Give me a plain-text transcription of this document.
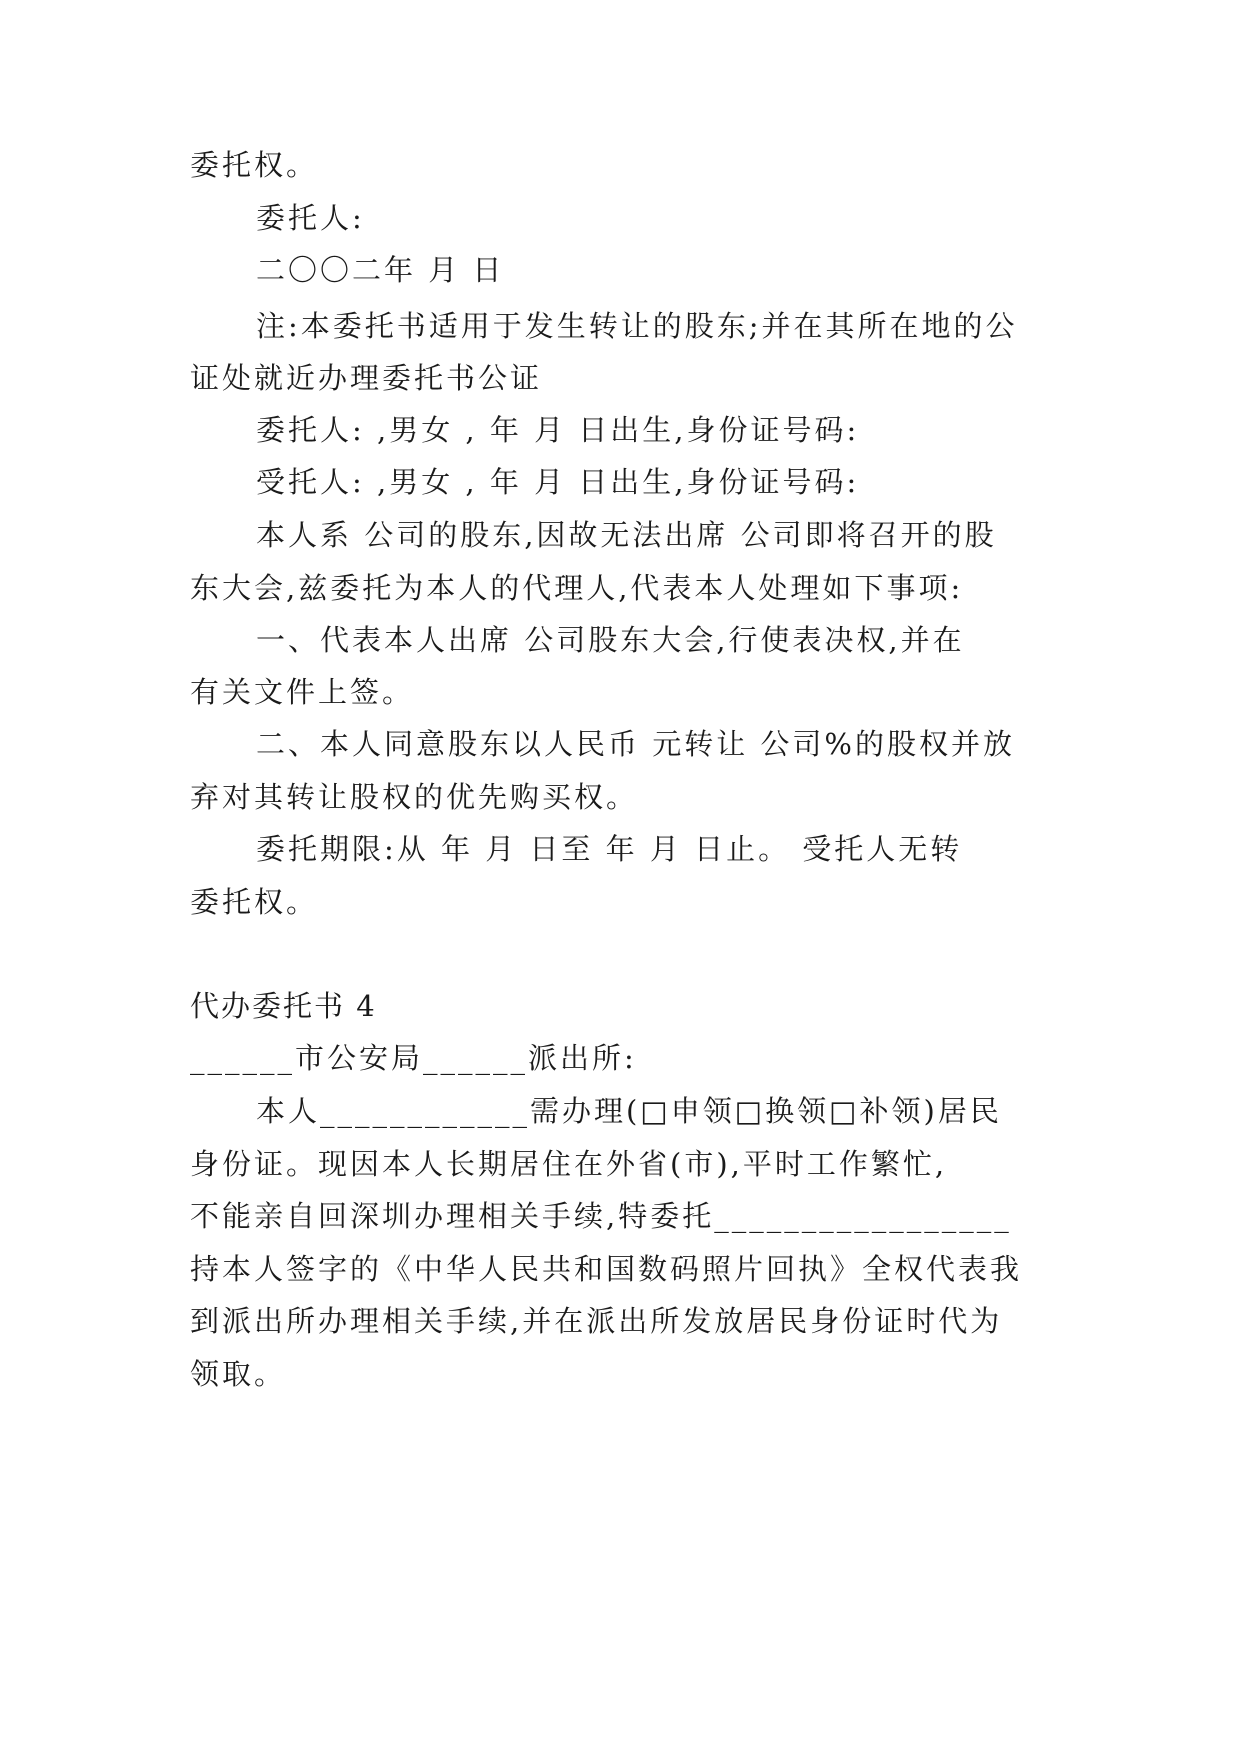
委托权。
委托人:
二〇〇二年 月 日
注:本委托书适用于发生转让的股东;并在其所在地的公
证处就近办理委托书公证
委托人: ,男女 , 年 月 日出生,身份证号码:
受托人: ,男女 , 年 月 日出生,身份证号码:
本人系 公司的股东,因故无法出席 公司即将召开的股
东大会,兹委托为本人的代理人,代表本人处理如下事项:
一、代表本人出席 公司股东大会,行使表决权,并在
有关文件上签。
二、本人同意股东以人民币 元转让 公司%的股权并放
弃对其转让股权的优先购买权。
委托期限:从 年 月 日至 年 月 日止。 受托人无转
委托权。
代办委托书 4
______市公安局______派出所:
本人____________需办理(□申领□换领□补领)居民
身份证。现因本人长期居住在外省(市),平时工作繁忙,
不能亲自回深圳办理相关手续,特委托_________________
持本人签字的《中华人民共和国数码照片回执》全权代表我
到派出所办理相关手续,并在派出所发放居民身份证时代为
领取。
